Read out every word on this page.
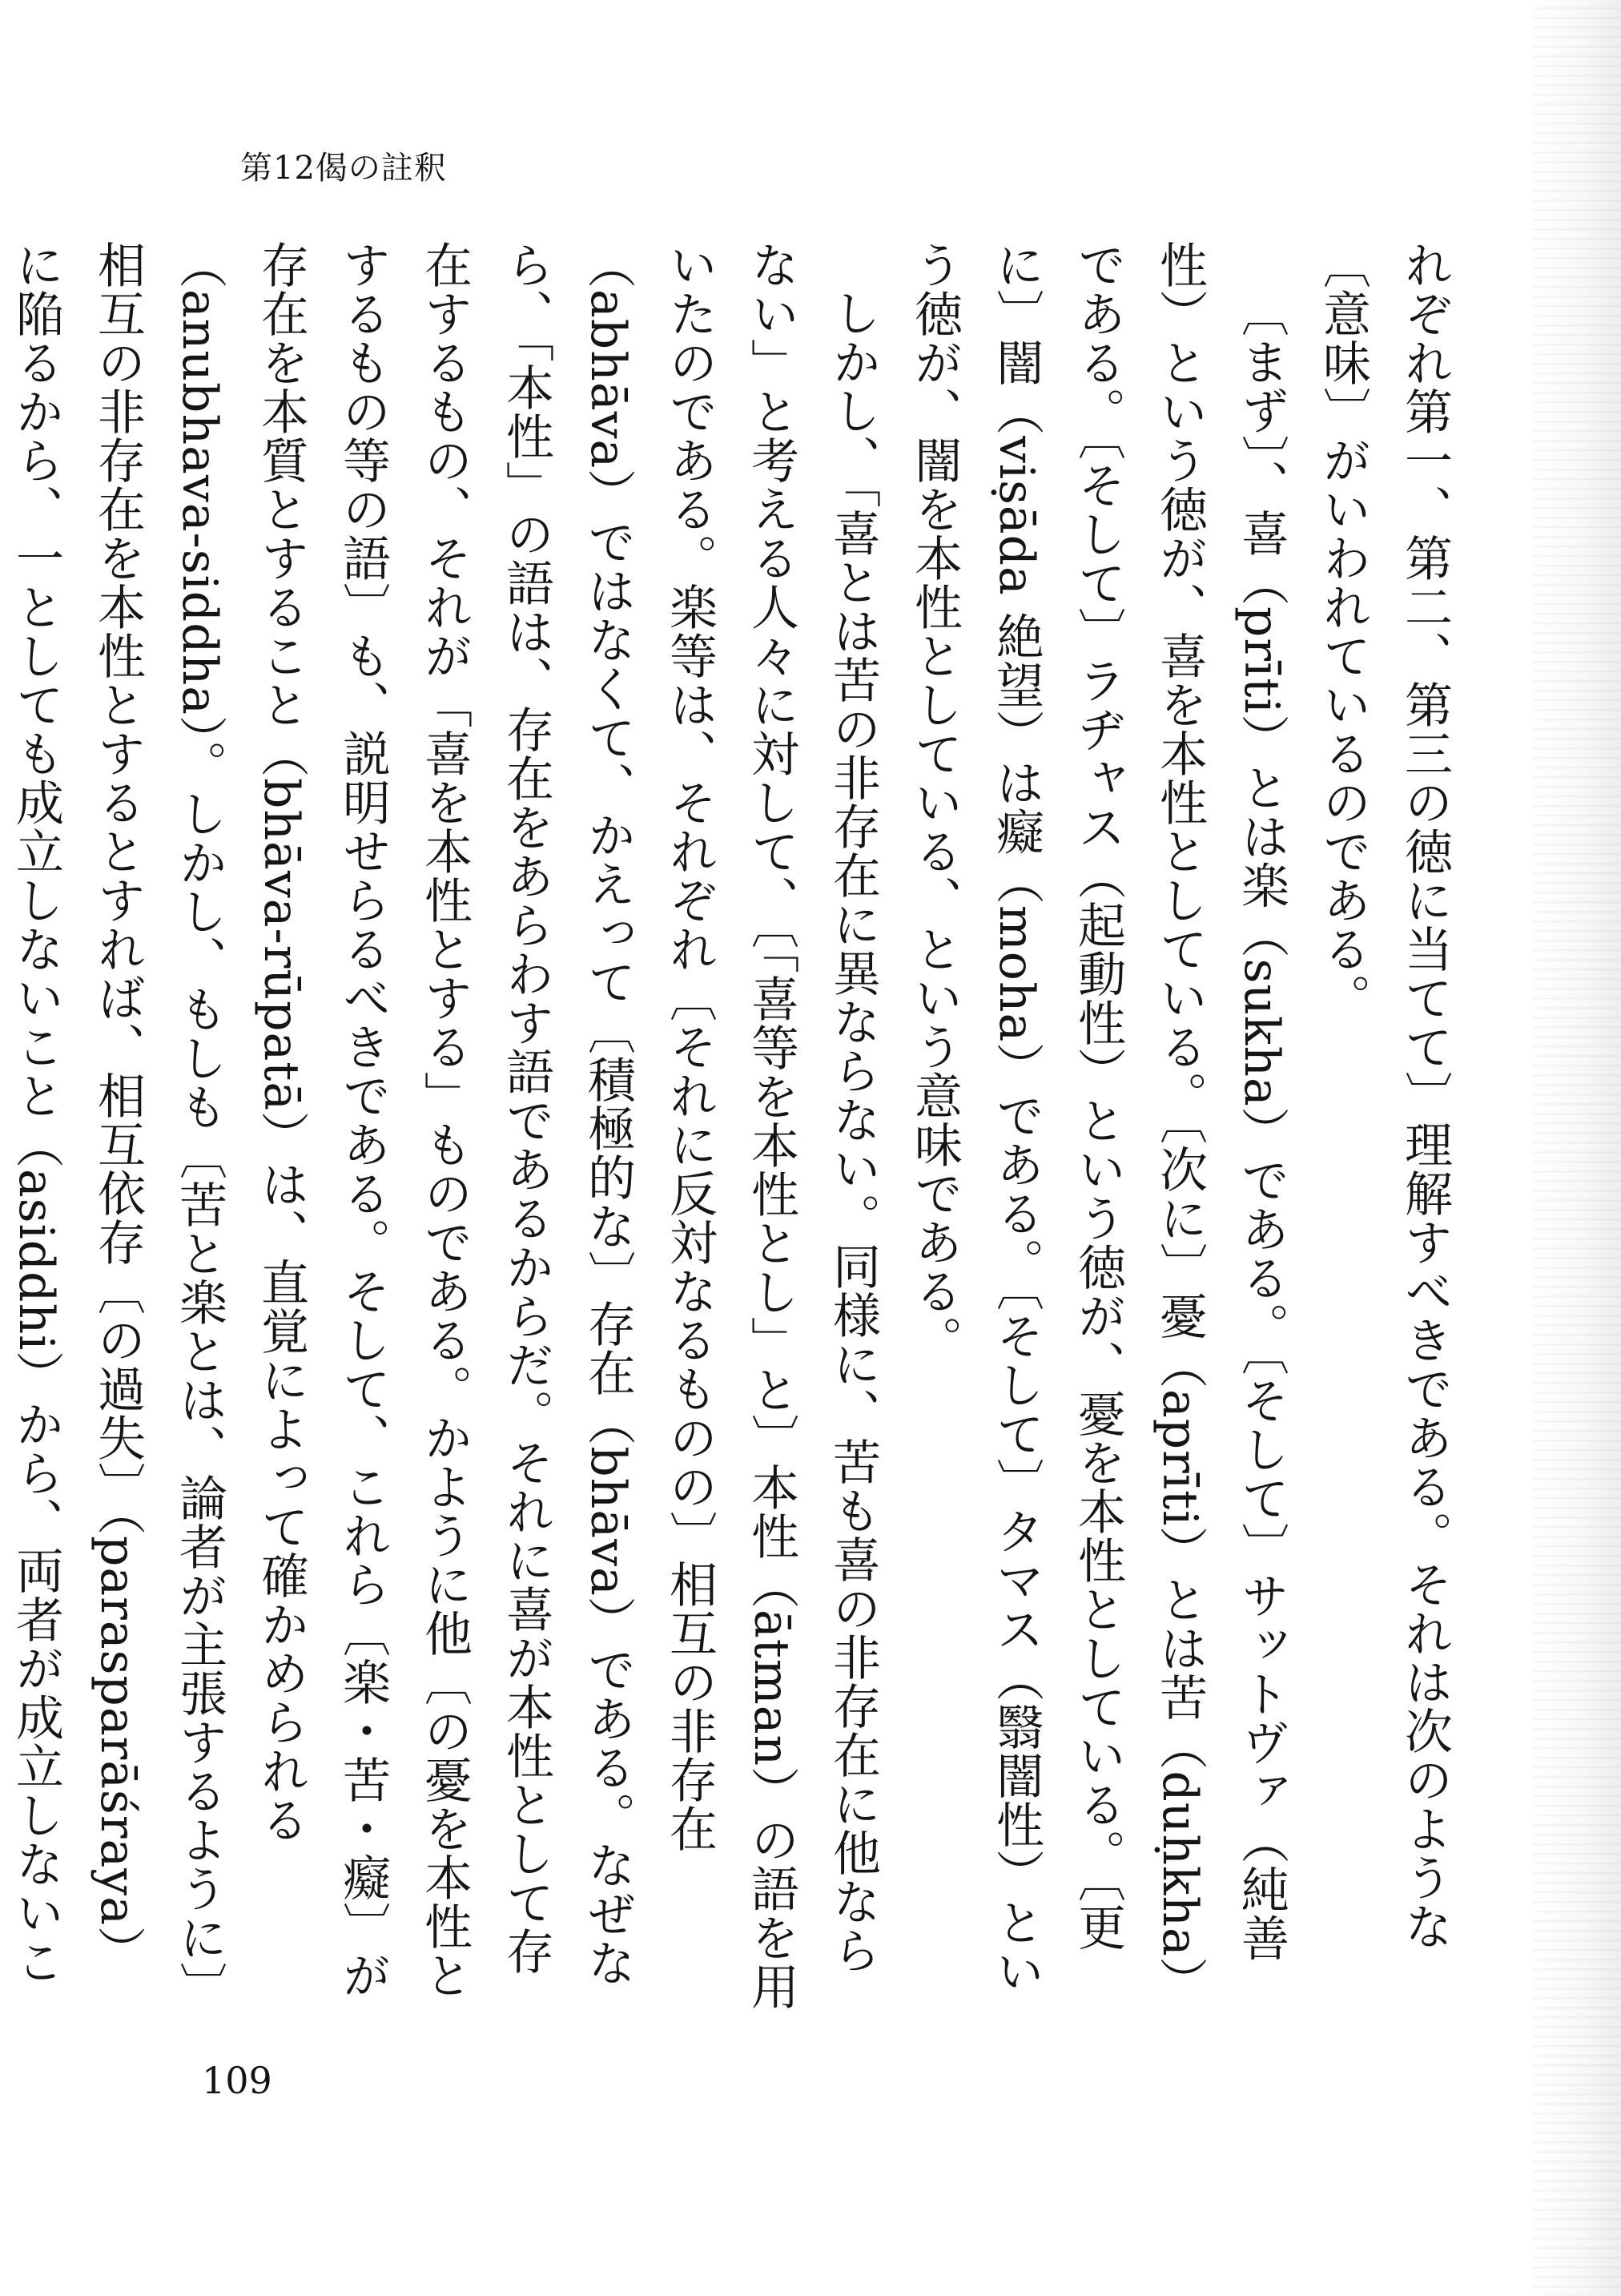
第12偈の註釈

れぞれ第一、第二、第三の徳に当てて〕理解すべきである。それは次のような〔意味〕がいわれているのである。

〔まず〕、喜（prīti）とは楽（sukha）である。〔そして〕サットヴァ（純善性）という徳が、喜を本性としている。〔次に〕憂（aprīti）とは苦（duḥkha）である。〔そして〕ラヂャス（起動性）という徳が、憂を本性としている。〔更に〕闇（viṣāda 絶望）は癡（moha）である。〔そして〕タマス（翳闇性）という徳が、闇を本性としている、という意味である。

しかし、「喜とは苦の非存在に異ならない。同様に、苦も喜の非存在に他ならない」と考える人々に対して、〔「喜等を本性とし」と〕本性（ātman）の語を用いたのである。楽等は、それぞれ〔それに反対なるものの〕相互の非存在（abhāva）ではなくて、かえって〔積極的な〕存在（bhāva）である。なぜなら、「本性」の語は、存在をあらわす語であるからだ。それに喜が本性として存在するもの、それが「喜を本性とする」ものである。かように他〔の憂を本性とするもの等の語〕も、説明せらるべきである。そして、これら〔楽・苦・癡〕が存在を本質とすること（bhāva-rūpatā）は、直覚によって確かめられる（anubhava-siddha）。しかし、もしも〔苦と楽とは、論者が主張するように〕相互の非存在を本性とするとすれば、相互依存〔の過失〕（parasparāśraya）に陥るから、一としても成立しないこと（asiddhi）から、両者が成立しないこ

109
